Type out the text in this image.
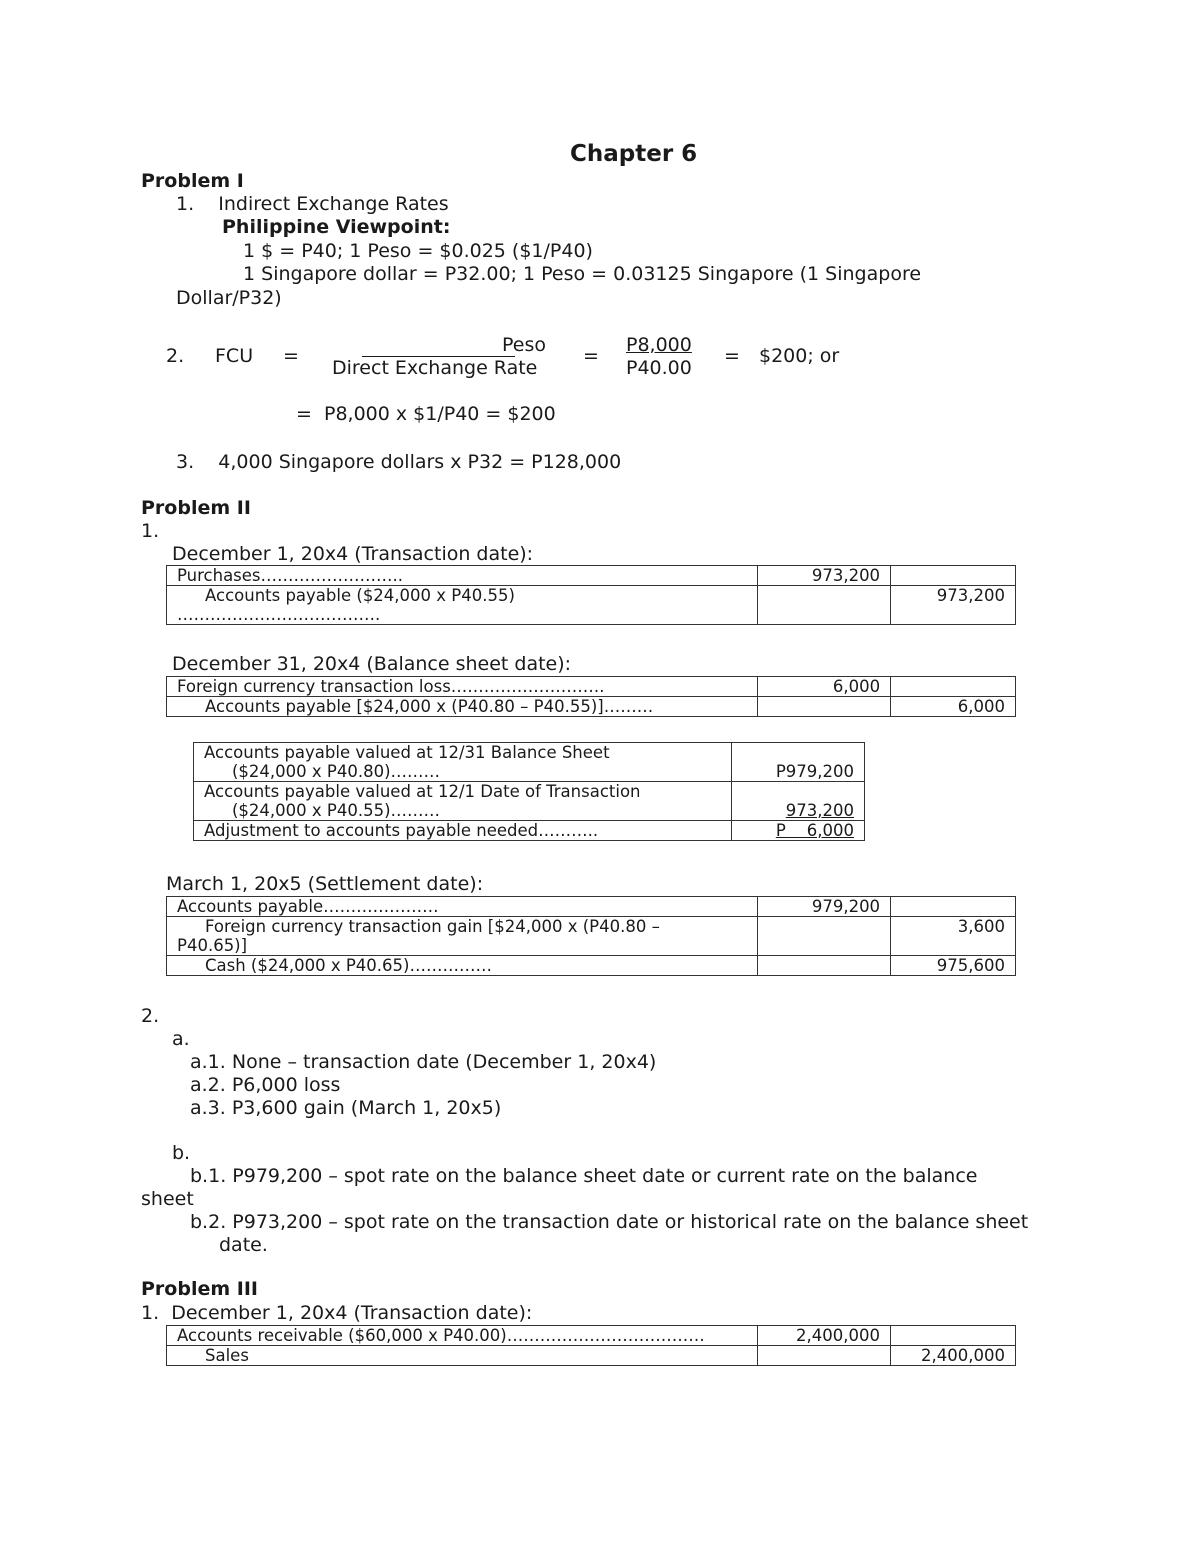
Chapter 6
Problem I
1.    Indirect Exchange Rates
Philippine Viewpoint:
1 $ = P40; 1 Peso = $0.025 ($1/P40)
1 Singapore dollar = P32.00; 1 Peso = 0.03125 Singapore (1 Singapore
Dollar/P32)
2. FCU =	Peso
Direct Exchange Rate
= P8,000
P40.00
= $200; or
=  P8,000 x $1/P40 = $200
3.    4,000 Singapore dollars x P32 = P128,000
Problem II
1.
December 1, 20x4 (Transaction date):
Purchases……………………..	973,200	

Accounts payable ($24,000 x P40.55)
……………………………….		973,200
December 31, 20x4 (Balance sheet date):
Foreign currency transaction loss……………………….	6,000	

Accounts payable [$24,000 x (P40.80 – P40.55)]………		6,000
Accounts payable valued at 12/31 Balance Sheet
($24,000 x P40.80)………	P979,200

Accounts payable valued at 12/1 Date of Transaction
($24,000 x P40.55)………	973,200
Adjustment to accounts payable needed………..	P    6,000
March 1, 20x5 (Settlement date):
Accounts payable…………………	979,200	

Foreign currency transaction gain [$24,000 x (P40.80 –
P40.65)]		3,600

Cash ($24,000 x P40.65)……………		975,600
2.
a.
a.1. None – transaction date (December 1, 20x4)
a.2. P6,000 loss
a.3. P3,600 gain (March 1, 20x5)
b.
b.1. P979,200 – spot rate on the balance sheet date or current rate on the balance
sheet
b.2. P973,200 – spot rate on the transaction date or historical rate on the balance sheet
date.
Problem III
1.  December 1, 20x4 (Transaction date):
Accounts receivable ($60,000 x P40.00)………………………………	2,400,000	

Sales		2,400,000
